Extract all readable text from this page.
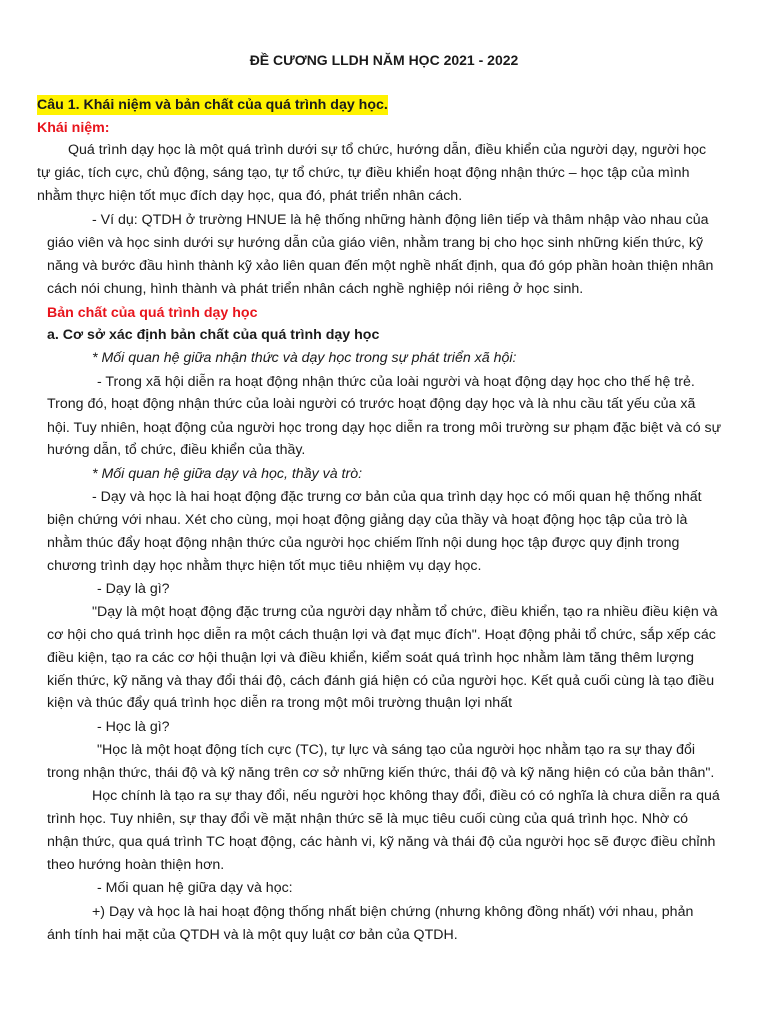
ĐỀ CƯƠNG LLDH NĂM HỌC 2021 - 2022
Câu 1. Khái niệm và bản chất của quá trình dạy học.
Khái niệm:
Quá trình dạy học là một quá trình dưới sự tổ chức, hướng dẫn, điều khiển của người dạy, người học
tự giác, tích cực, chủ động, sáng tạo, tự tổ chức, tự điều khiển hoạt động nhận thức – học tập của mình
nhằm thực hiện tốt mục đích dạy học, qua đó, phát triển nhân cách.
- Ví dụ: QTDH ở trường HNUE là hệ thống những hành động liên tiếp và thâm nhập vào nhau của
giáo viên và học sinh dưới sự hướng dẫn của giáo viên, nhằm trang bị cho học sinh những kiến thức, kỹ
năng và bước đầu hình thành kỹ xảo liên quan đến một nghề nhất định, qua đó góp phần hoàn thiện nhân
cách nói chung, hình thành và phát triển nhân cách nghề nghiệp nói riêng ở học sinh.
Bản chất của quá trình dạy học
a. Cơ sở xác định bản chất của quá trình dạy học
* Mối quan hệ giữa nhận thức và dạy học trong sự phát triển xã hội:
- Trong xã hội diễn ra hoạt động nhận thức của loài người và hoạt động dạy học cho thế hệ trẻ.
Trong đó, hoạt động nhận thức của loài người có trước hoạt động dạy học và là nhu cầu tất yếu của xã
hội. Tuy nhiên, hoạt động của người học trong dạy học diễn ra trong môi trường sư phạm đặc biệt và có sự
hướng dẫn, tổ chức, điều khiển của thầy.
* Mối quan hệ giữa dạy và học, thầy và trò:
- Dạy và học là hai hoạt động đặc trưng cơ bản của qua trình dạy học có mối quan hệ thống nhất
biện chứng với nhau. Xét cho cùng, mọi hoạt động giảng dạy của thầy và hoạt động học tập của trò là
nhằm thúc đẩy hoạt động nhận thức của người học chiếm lĩnh nội dung học tập được quy định trong
chương trình dạy học nhằm thực hiện tốt mục tiêu nhiệm vụ dạy học.
- Dạy là gì?
"Dạy là một hoạt động đặc trưng của người dạy nhằm tổ chức, điều khiển, tạo ra nhiều điều kiện và
cơ hội cho quá trình học diễn ra một cách thuận lợi và đạt mục đích". Hoạt động phải tổ chức, sắp xếp các
điều kiện, tạo ra các cơ hội thuận lợi và điều khiển, kiểm soát quá trình học nhằm làm tăng thêm lượng
kiến thức, kỹ năng và thay đổi thái độ, cách đánh giá hiện có của người học. Kết quả cuối cùng là tạo điều
kiện và thúc đẩy quá trình học diễn ra trong một môi trường thuận lợi nhất
- Học là gì?
"Học là một hoạt động tích cực (TC), tự lực và sáng tạo của người học nhằm tạo ra sự thay đổi
trong nhận thức, thái độ và kỹ năng trên cơ sở những kiến thức, thái độ và kỹ năng hiện có của bản thân".
Học chính là tạo ra sự thay đổi, nếu người học không thay đổi, điều có có nghĩa là chưa diễn ra quá
trình học. Tuy nhiên, sự thay đổi về mặt nhận thức sẽ là mục tiêu cuối cùng của quá trình học. Nhờ có
nhận thức, qua quá trình TC hoạt động, các hành vi, kỹ năng và thái độ của người học sẽ được điều chỉnh
theo hướng hoàn thiện hơn.
- Mối quan hệ giữa dạy và học:
+) Dạy và học là hai hoạt động thống nhất biện chứng (nhưng không đồng nhất) với nhau, phản
ánh tính hai mặt của QTDH và là một quy luật cơ bản của QTDH.
